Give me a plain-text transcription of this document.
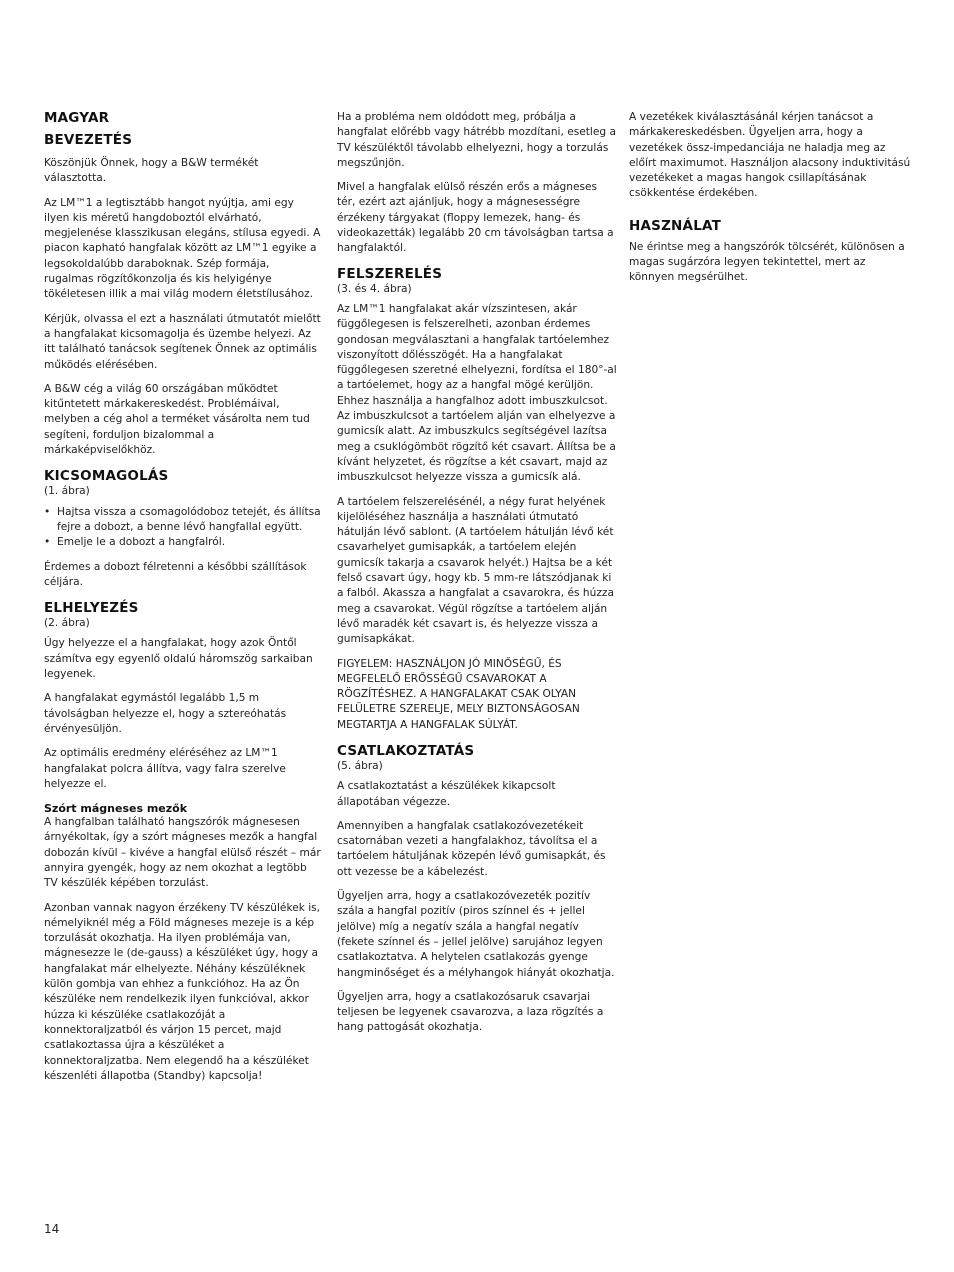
MAGYAR
BEVEZETÉS

Köszönjük Önnek, hogy a B&W termékét választotta.

Az LM™1 a legtisztább hangot nyújtja, ami egy ilyen kis méretű hangdoboztól elvárható, megjelenése klasszikusan elegáns, stílusa egyedi. A piacon kapható hangfalak között az LM™1 egyike a legsokoldalúbb daraboknak. Szép formája, rugalmas rögzítőkonzolja és kis helyigénye tökéletesen illik a mai világ modern életstílusához.

Kérjük, olvassa el ezt a használati útmutatót mielőtt a hangfalakat kicsomagolja és üzembe helyezi. Az itt található tanácsok segítenek Önnek az optimális működés elérésében.

A B&W cég a világ 60 országában működtet kitűntetett márkakereskedést. Problémáival, melyben a cég ahol a terméket vásárolta nem tud segíteni, forduljon bizalommal a márkaképviselőkhöz.

KICSOMAGOLÁS
(1. ábra)
• Hajtsa vissza a csomagolódoboz tetejét, és állítsa fejre a dobozt, a benne lévő hangfallal együtt.
• Emelje le a dobozt a hangfalról.

Érdemes a dobozt félretenni a későbbi szállítások céljára.

ELHELYEZÉS
(2. ábra)

Úgy helyezze el a hangfalakat, hogy azok Öntől számítva egy egyenlő oldalú háromszög sarkaiban legyenek.

A hangfalakat egymástól legalább 1,5 m távolságban helyezze el, hogy a sztereóhatás érvényesüljön.

Az optimális eredmény eléréséhez az LM™1 hangfalakat polcra állítva, vagy falra szerelve helyezze el.

Szórt mágneses mezők

A hangfalban található hangszórók mágnesesen árnyékoltak, így a szórt mágneses mezők a hangfal dobozán kívül – kivéve a hangfal elülső részét – már annyira gyengék, hogy az nem okozhat a legtöbb TV készülék képében torzulást.

Azonban vannak nagyon érzékeny TV készülékek is, némelyiknél még a Föld mágneses mezeje is a kép torzulását okozhatja. Ha ilyen problémája van, mágnesezze le (de-gauss) a készüléket úgy, hogy a hangfalakat már elhelyezte. Néhány készüléknek külön gombja van ehhez a funkcióhoz. Ha az Ön készüléke nem rendelkezik ilyen funkcióval, akkor húzza ki készüléke csatlakozóját a konnektoraljzatból és várjon 15 percet, majd csatlakoztassa újra a készüléket a konnektoraljzatba. Nem elegendő ha a készüléket készenléti állapotba (Standby) kapcsolja!

Ha a probléma nem oldódott meg, próbálja a hangfalat előrébb vagy hátrébb mozdítani, esetleg a TV készüléktől távolabb elhelyezni, hogy a torzulás megszűnjön.

Mivel a hangfalak elülső részén erős a mágneses tér, ezért azt ajánljuk, hogy a mágnesességre érzékeny tárgyakat (floppy lemezek, hang- és videokazetták) legalább 20 cm távolságban tartsa a hangfalaktól.

FELSZERELÉS
(3. és 4. ábra)

Az LM™1 hangfalakat akár vízszintesen, akár függőlegesen is felszerelheti, azonban érdemes gondosan megválasztani a hangfalak tartóelemhez viszonyított dőlésszögét. Ha a hangfalakat függőlegesen szeretné elhelyezni, fordítsa el 180°-al a tartóelemet, hogy az a hangfal mögé kerüljön. Ehhez használja a hangfalhoz adott imbuszkulcsot. Az imbuszkulcsot a tartóelem alján van elhelyezve a gumicsík alatt. Az imbuszkulcs segítségével lazítsa meg a csuklógömböt rögzítő két csavart. Állítsa be a kívánt helyzetet, és rögzítse a két csavart, majd az imbuszkulcsot helyezze vissza a gumicsík alá.

A tartóelem felszerelésénél, a négy furat helyének kijelöléséhez használja a használati útmutató hátulján lévő sablont. (A tartóelem hátulján lévő két csavarhelyet gumisapkák, a tartóelem elején gumicsík takarja a csavarok helyét.) Hajtsa be a két felső csavart úgy, hogy kb. 5 mm-re látszódjanak ki a falból. Akassza a hangfalat a csavarokra, és húzza meg a csavarokat. Végül rögzítse a tartóelem alján lévő maradék két csavart is, és helyezze vissza a gumisapkákat.

FIGYELEM: HASZNÁLJON JÓ MINŐSÉGŰ, ÉS MEGFELELŐ ERŐSSÉGŰ CSAVAROKAT A RÖGZÍTÉSHEZ. A HANGFALAKAT CSAK OLYAN FELÜLETRE SZERELJE, MELY BIZTONSÁGOSAN MEGTARTJA A HANGFALAK SÚLYÁT.

CSATLAKOZTATÁS
(5. ábra)

A csatlakoztatást a készülékek kikapcsolt állapotában végezze.

Amennyiben a hangfalak csatlakozóvezetékeit csatornában vezeti a hangfalakhoz, távolítsa el a tartóelem hátuljának közepén lévő gumisapkát, és ott vezesse be a kábelezést.

Ügyeljen arra, hogy a csatlakozóvezeték pozitív szála a hangfal pozitív (piros színnel és + jellel jelölve) míg a negatív szála a hangfal negatív (fekete színnel és – jellel jelölve) sarujához legyen csatlakoztatva. A helytelen csatlakozás gyenge hangminőséget és a mélyhangok hiányát okozhatja.

Ügyeljen arra, hogy a csatlakozósaruk csavarjai teljesen be legyenek csavarozva, a laza rögzítés a hang pattogását okozhatja.

A vezetékek kiválasztásánál kérjen tanácsot a márkakereskedésben. Ügyeljen arra, hogy a vezetékek össz-impedanciája ne haladja meg az előírt maximumot. Használjon alacsony induktivitású vezetékeket a magas hangok csillapításának csökkentése érdekében.

HASZNÁLAT

Ne érintse meg a hangszórók tölcsérét, különösen a magas sugárzóra legyen tekintettel, mert az könnyen megsérülhet.

14
